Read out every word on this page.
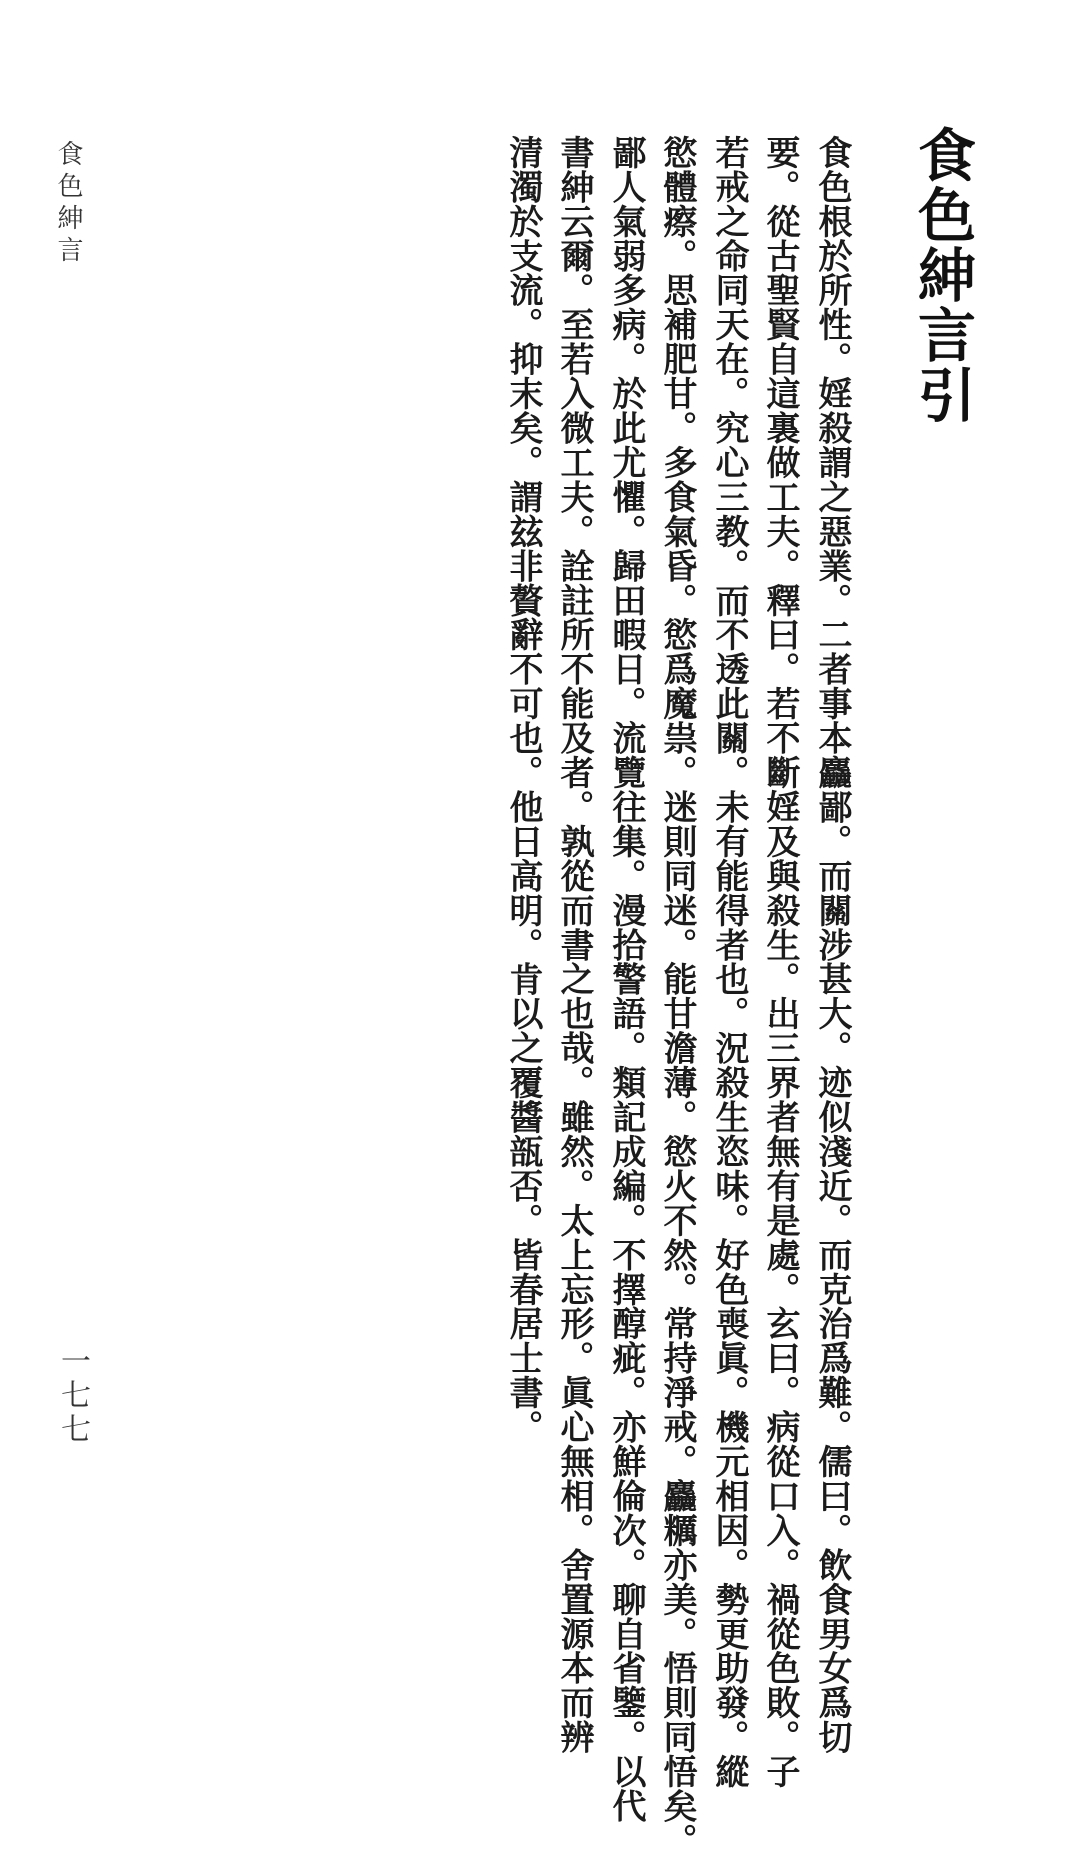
食色紳言
一七七
食色紳言引
食色根於所性。婬殺謂之惡業。二者事本麤鄙。而關涉甚大。迹似淺近。而克治爲難。儒曰。飲食男女爲切
要。從古聖賢自這裏做工夫。釋曰。若不斷婬及與殺生。出三界者無有是處。玄曰。病從口入。禍從色敗。子
若戒之命同天在。究心三教。而不透此關。未有能得者也。況殺生恣味。好色喪眞。機元相因。勢更助發。縱
慾體瘵。思補肥甘。多食氣昏。慾爲魔祟。迷則同迷。能甘澹薄。慾火不然。常持淨戒。麤糲亦美。悟則同悟矣。
鄙人氣弱多病。於此尤懼。歸田暇日。流覽往集。漫拾警語。類記成編。不擇醇疵。亦鮮倫次。聊自省鑒。以代
書紳云爾。至若入微工夫。詮註所不能及者。孰從而書之也哉。雖然。太上忘形。眞心無相。舍置源本而辨
清濁於支流。抑末矣。謂玆非贅辭不可也。他日高明。肯以之覆醬瓿否。皆春居士書。
